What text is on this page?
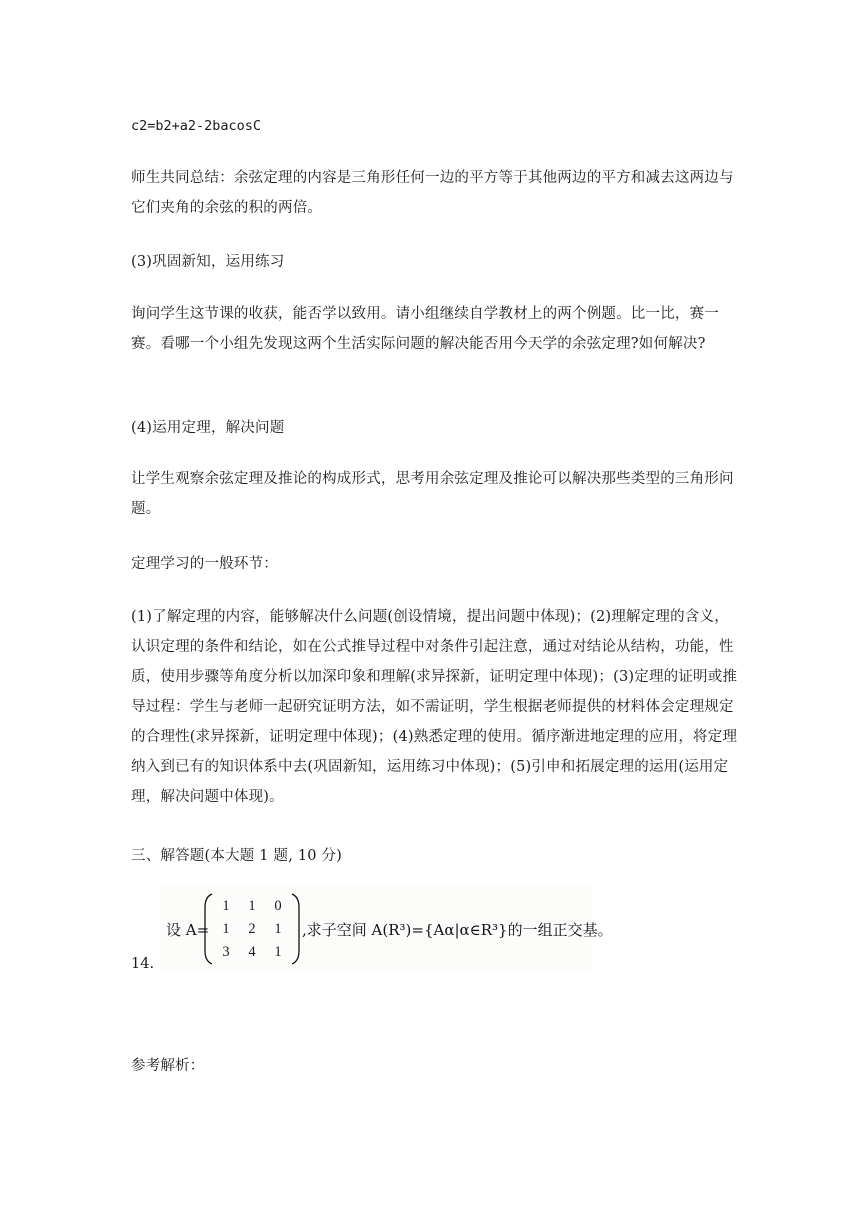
c2=b2+a2-2bacosC

师生共同总结：余弦定理的内容是三角形任何一边的平方等于其他两边的平方和减去这两边与它们夹角的余弦的积的两倍。

(3)巩固新知，运用练习

询问学生这节课的收获，能否学以致用。请小组继续自学教材上的两个例题。比一比，赛一赛。看哪一个小组先发现这两个生活实际问题的解决能否用今天学的余弦定理?如何解决?

(4)运用定理，解决问题

让学生观察余弦定理及推论的构成形式，思考用余弦定理及推论可以解决那些类型的三角形问题。

定理学习的一般环节：

(1)了解定理的内容，能够解决什么问题(创设情境，提出问题中体现)；(2)理解定理的含义，认识定理的条件和结论，如在公式推导过程中对条件引起注意，通过对结论从结构，功能，性质，使用步骤等角度分析以加深印象和理解(求异探新，证明定理中体现)；(3)定理的证明或推导过程：学生与老师一起研究证明方法，如不需证明，学生根据老师提供的材料体会定理规定的合理性(求异探新，证明定理中体现)；(4)熟悉定理的使用。循序渐进地定理的应用，将定理纳入到已有的知识体系中去(巩固新知，运用练习中体现)；(5)引申和拓展定理的运用(运用定理，解决问题中体现)。

三、解答题(本大题 1 题, 10 分)

14.
设 A=
1	1	0
1	2	1
3	4	1
,求子空间 A(R³)={Aα|α∈R³}的一组正交基。

参考解析：
